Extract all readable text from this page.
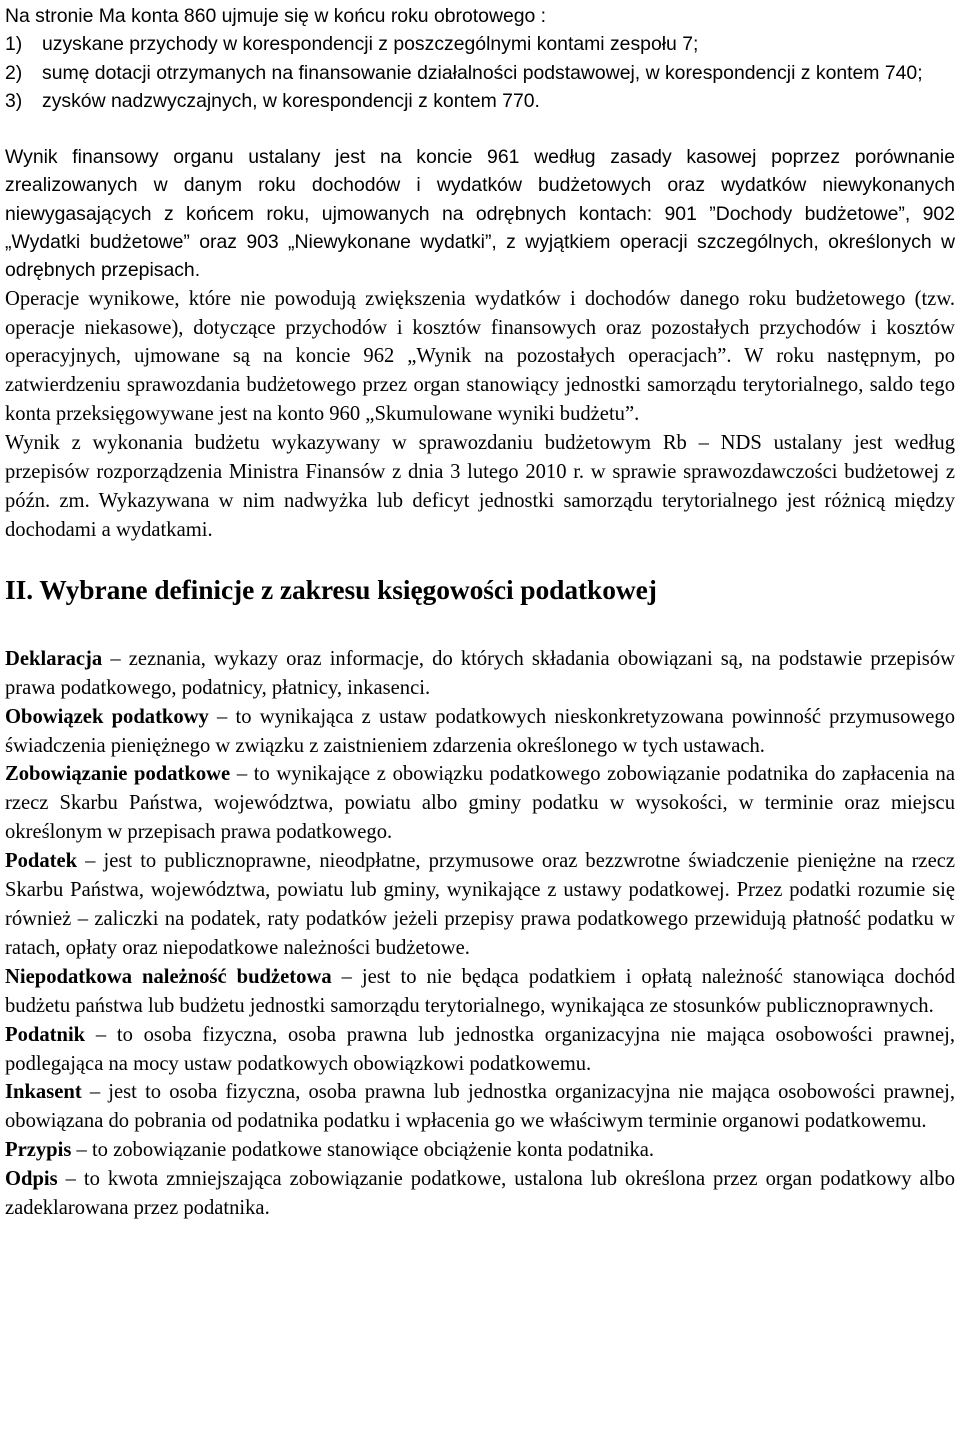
Na stronie Ma konta 860 ujmuje się w końcu roku obrotowego :

1)	uzyskane przychody w korespondencji z poszczególnymi kontami zespołu 7;
2)	sumę dotacji otrzymanych na finansowanie działalności podstawowej, w korespondencji z kontem 740;
3)	zysków nadzwyczajnych, w korespondencji z kontem 770.

Wynik finansowy organu ustalany jest na koncie 961 według zasady kasowej poprzez porównanie zrealizowanych w danym roku dochodów i wydatków budżetowych oraz wydatków niewykonanych niewygasających z końcem roku, ujmowanych na odrębnych kontach: 901 ”Dochody budżetowe”, 902 „Wydatki budżetowe” oraz 903 „Niewykonane wydatki”, z wyjątkiem operacji szczególnych, określonych w odrębnych przepisach.

Operacje wynikowe, które nie powodują zwiększenia wydatków i dochodów danego roku budżetowego (tzw. operacje niekasowe), dotyczące przychodów i kosztów finansowych oraz pozostałych przychodów i kosztów operacyjnych, ujmowane są na koncie 962 „Wynik na pozostałych operacjach”. W roku następnym, po zatwierdzeniu sprawozdania budżetowego przez organ stanowiący jednostki samorządu terytorialnego, saldo tego konta przeksięgowywane jest na konto 960 „Skumulowane wyniki budżetu”.

Wynik z wykonania budżetu wykazywany w sprawozdaniu budżetowym Rb – NDS ustalany jest według przepisów rozporządzenia Ministra Finansów z dnia 3 lutego 2010 r. w sprawie sprawozdawczości budżetowej z późn. zm. Wykazywana w nim nadwyżka lub deficyt jednostki samorządu terytorialnego jest różnicą między dochodami a wydatkami.

II. Wybrane definicje z zakresu księgowości podatkowej

Deklaracja – zeznania, wykazy oraz informacje, do których składania obowiązani są, na podstawie przepisów prawa podatkowego, podatnicy, płatnicy, inkasenci.

Obowiązek podatkowy – to wynikająca z ustaw podatkowych nieskonkretyzowana powinność przymusowego świadczenia pieniężnego w związku z zaistnieniem zdarzenia określonego w tych ustawach.

Zobowiązanie podatkowe – to wynikające z obowiązku podatkowego zobowiązanie podatnika do zapłacenia na rzecz Skarbu Państwa, województwa, powiatu albo gminy podatku w wysokości, w terminie oraz miejscu określonym w przepisach prawa podatkowego.

Podatek – jest to publicznoprawne, nieodpłatne, przymusowe oraz bezzwrotne świadczenie pieniężne na rzecz Skarbu Państwa, województwa, powiatu lub gminy, wynikające z ustawy podatkowej. Przez podatki rozumie się również – zaliczki na podatek, raty podatków jeżeli przepisy prawa podatkowego przewidują płatność podatku w ratach, opłaty oraz niepodatkowe należności budżetowe.

Niepodatkowa należność budżetowa – jest to nie będąca podatkiem i opłatą należność stanowiąca dochód budżetu państwa lub budżetu jednostki samorządu terytorialnego, wynikająca ze stosunków publicznoprawnych.

Podatnik – to osoba fizyczna, osoba prawna lub jednostka organizacyjna nie mająca osobowości prawnej, podlegająca na mocy ustaw podatkowych obowiązkowi podatkowemu.

Inkasent – jest to osoba fizyczna, osoba prawna lub jednostka organizacyjna nie mająca osobowości prawnej, obowiązana do pobrania od podatnika podatku i wpłacenia go we właściwym terminie organowi podatkowemu.

Przypis – to zobowiązanie podatkowe stanowiące obciążenie konta podatnika.

Odpis – to kwota zmniejszająca zobowiązanie podatkowe, ustalona lub określona przez organ podatkowy albo zadeklarowana przez podatnika.
